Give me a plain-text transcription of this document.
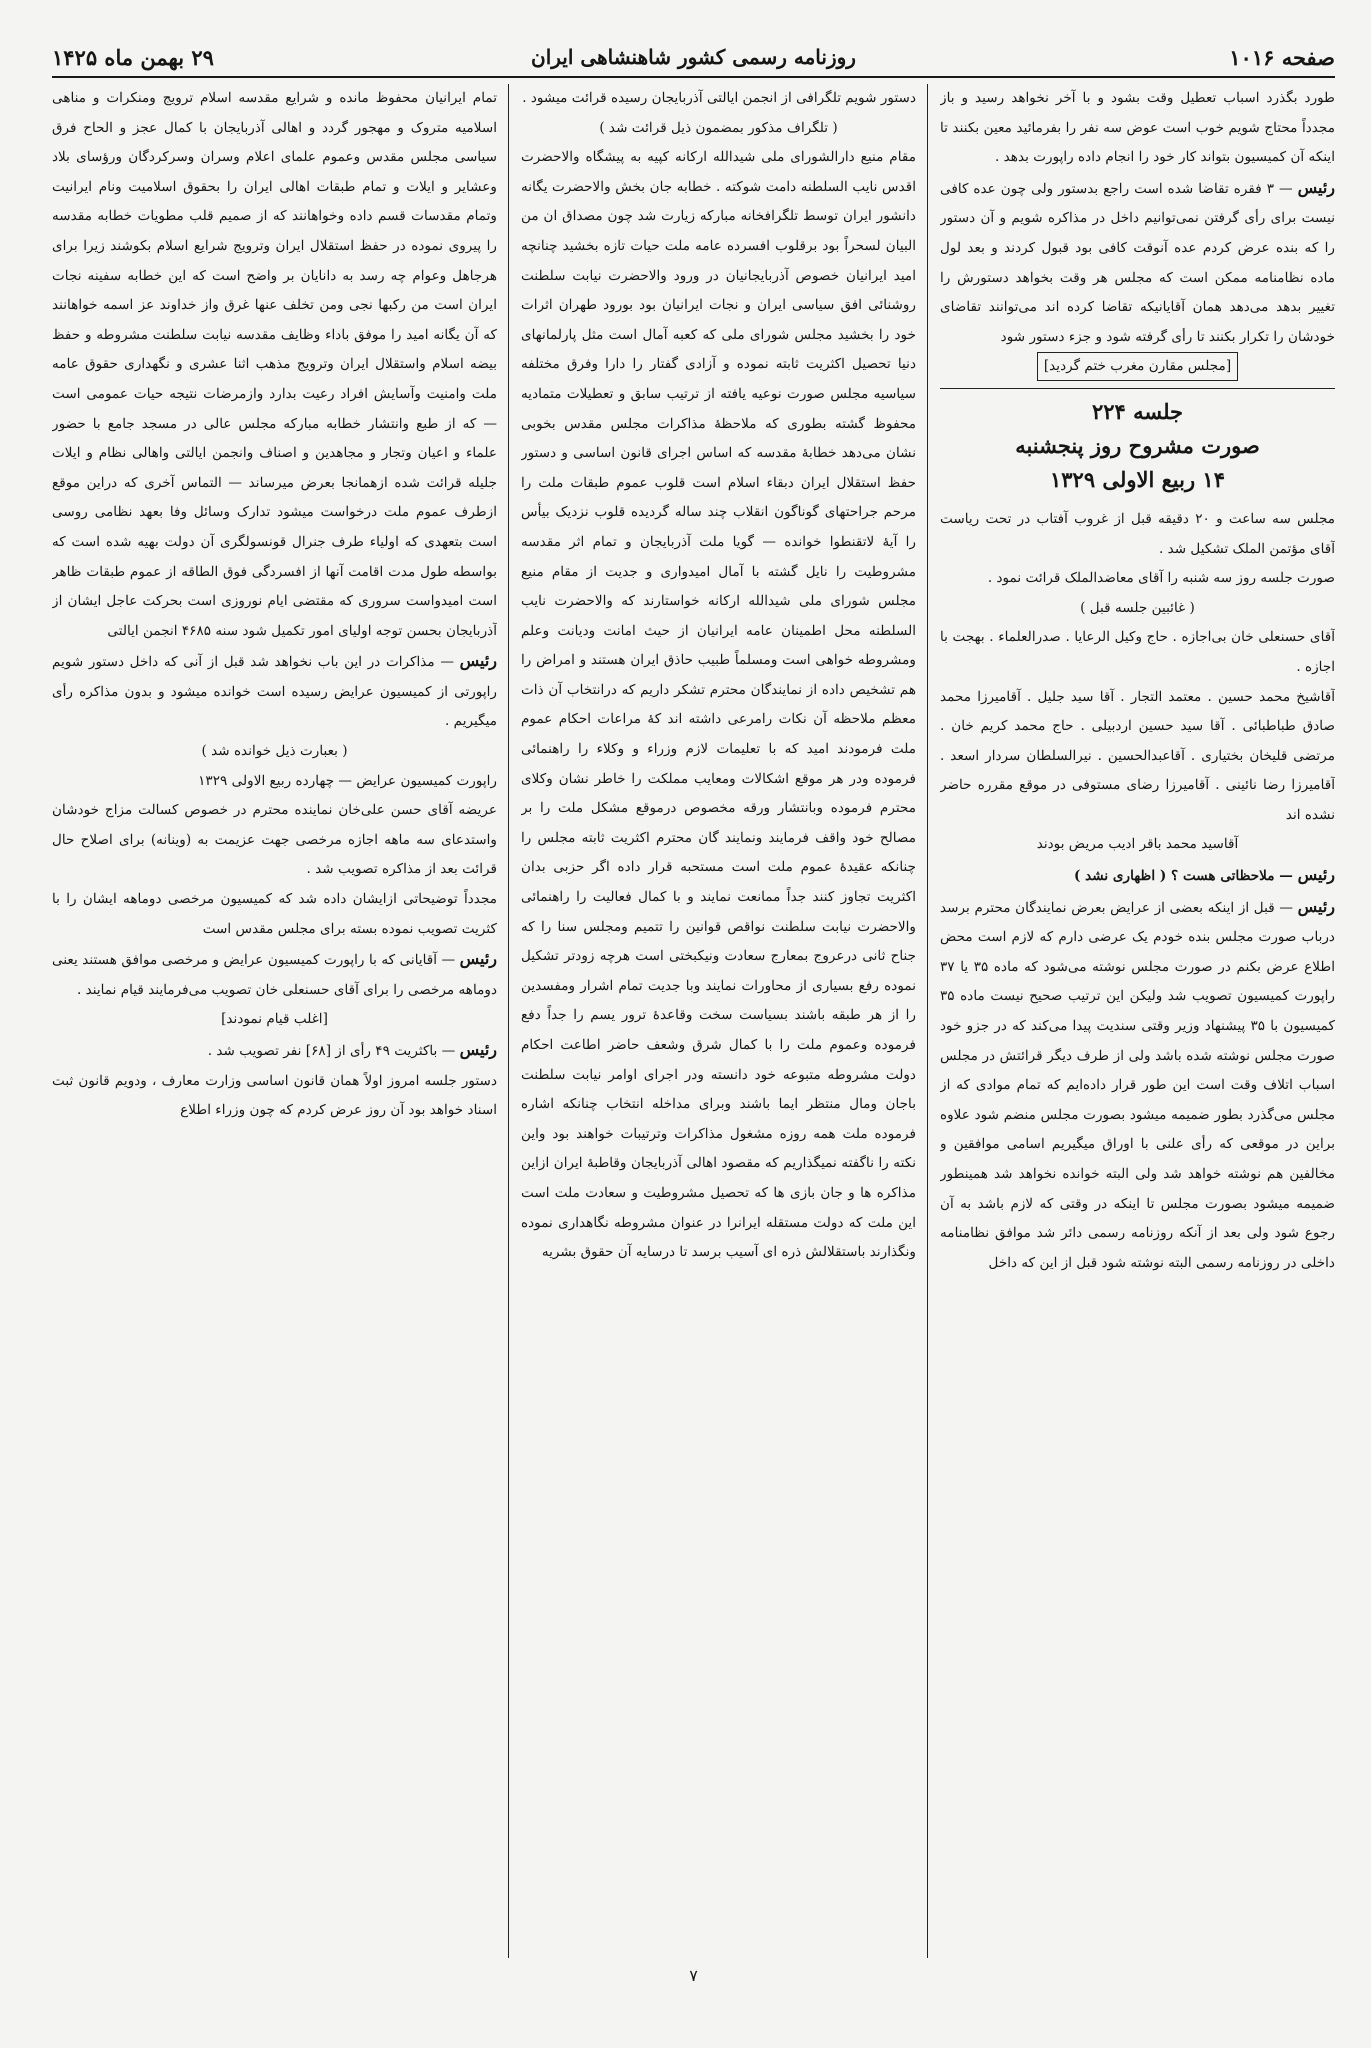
صفحه ۱۰۱۶
روزنامه رسمی کشور شاهنشاهی ایران
۲۹ بهمن ماه ۱۴۲۵

طورد بگذرد اسباب تعطیل وقت بشود و با آخر نخواهد رسید و باز مجدداً محتاج شویم خوب است عوض سه نفر را بفرمائید معین بکنند تا اینکه آن کمیسیون بتواند کار خود را انجام داده راپورت بدهد .

رئیس — ۳ فقره تقاضا شده است راجع بدستور ولی چون عده کافی نیست برای رأی گرفتن نمی‌توانیم داخل در مذاکره شویم و آن دستور را که بنده عرض کردم عده آنوقت کافی بود قبول کردند و بعد لول ماده نظامنامه ممکن است که مجلس هر وقت بخواهد دستورش را تغییر بدهد می‌دهد همان آقایانیکه تقاضا کرده اند می‌توانند تقاضای خودشان را تکرار بکنند تا رأی گرفته شود و جزء دستور شود

[مجلس مقارن مغرب ختم گردید]

جلسه ۲۲۴
صورت مشروح روز پنجشنبه
۱۴ ربیع الاولی ۱۳۲۹

مجلس سه ساعت و ۲۰ دقیقه قبل از غروب آفتاب در تحت ریاست آقای مؤتمن الملک تشکیل شد .

صورت جلسه روز سه شنبه را آقای معاضدالملک قرائت نمود .

( غائبین جلسه قبل )

آقای حسنعلی خان بی‌اجازه . حاج وکیل الرعایا . صدرالعلماء . بهجت با اجازه .

آقاشیخ محمد حسین . معتمد التجار . آقا سید جلیل . آقامیرزا محمد صادق طباطبائی . آقا سید حسین اردبیلی . حاج محمد کریم خان . مرتضی قلیخان بختیاری . آقاعبدالحسین . نیرالسلطان سردار اسعد . آقامیرزا رضا نائینی . آقامیرزا رضای مستوفی در موقع مقرره حاضر نشده اند

آقاسید محمد باقر ادیب مریض بودند

رئیس — ملاحظاتی هست ؟ ( اظهاری نشد )

رئیس — قبل از اینکه بعضی از عرایض بعرض نمایندگان محترم برسد درباب صورت مجلس بنده خودم یک عرضی دارم که لازم است محض اطلاع عرض بکنم در صورت مجلس نوشته می‌شود که ماده ۳۵ یا ۳۷ راپورت کمیسیون تصویب شد ولیکن این ترتیب صحیح نیست ماده ۳۵ کمیسیون با ۳۵ پیشنهاد وزیر وقتی سندیت پیدا می‌کند که در جزو خود صورت مجلس نوشته شده باشد ولی از طرف دیگر قرائتش در مجلس اسباب اتلاف وقت است این طور قرار داده‌ایم که تمام موادی که از مجلس می‌گذرد بطور ضمیمه میشود بصورت مجلس منضم شود علاوه براین در موقعی که رأی علنی با اوراق میگیریم اسامی موافقین و مخالفین هم نوشته خواهد شد ولی البته خوانده نخواهد شد همینطور ضمیمه میشود بصورت مجلس تا اینکه در وقتی که لازم باشد به آن رجوع شود ولی بعد از آنکه روزنامه رسمی دائر شد موافق نظامنامه داخلی در روزنامه رسمی البته نوشته شود قبل از این که داخل

دستور شویم تلگرافی از انجمن ایالتی آذربایجان رسیده قرائت میشود .

( تلگراف مذکور بمضمون ذیل قرائت شد )

مقام منیع دارالشورای ملی شیدالله ارکانه کپیه به پیشگاه والاحضرت اقدس نایب السلطنه دامت شوکته . خطابه جان بخش والاحضرت یگانه دانشور ایران توسط تلگرافخانه مبارکه زیارت شد چون مصداق ان من البیان لسحراً بود برقلوب افسرده عامه ملت حیات تازه بخشید چنانچه امید ایرانیان خصوص آذربایجانیان در ورود والاحضرت نیابت سلطنت روشنائی افق سیاسی ایران و نجات ایرانیان بود بورود طهران اثرات خود را بخشید مجلس شورای ملی که کعبه آمال است مثل پارلمانهای دنیا تحصیل اکثریت ثابته نموده و آزادی گفتار را دارا وفرق مختلفه سیاسیه مجلس صورت نوعیه یافته از ترتیب سابق و تعطیلات متمادیه محفوظ گشته بطوری که ملاحظهٔ مذاکرات مجلس مقدس بخوبی نشان می‌دهد خطابهٔ مقدسه که اساس اجرای قانون اساسی و دستور حفظ استقلال ایران دبقاء اسلام است قلوب عموم طبقات ملت را مرحم جراحتهای گوناگون انقلاب چند ساله گردیده قلوب نزدیک بیأس را آیهٔ لاتقنطوا خوانده — گویا ملت آذربایجان و تمام اثر مقدسه مشروطیت را نایل گشته با آمال امیدواری و جدیت از مقام منیع مجلس شورای ملی شیدالله ارکانه خواستارند که والاحضرت نایب السلطنه محل اطمینان عامه ایرانیان از حیث امانت ودیانت وعلم ومشروطه خواهی است ومسلماً طبیب حاذق ایران هستند و امراض را هم تشخیص داده از نمایندگان محترم تشکر داریم که درانتخاب آن ذات معظم ملاحظه آن نکات رامرعی داشته اند کهٔ مراعات احکام عموم ملت فرمودند امید که با تعلیمات لازم وزراء و وکلاء را راهنمائی فرموده ودر هر موقع اشکالات ومعایب مملکت را خاطر نشان وکلای محترم فرموده وبانتشار ورقه مخصوص درموقع مشکل ملت را بر مصالح خود واقف فرمایند ونمایند گان محترم اکثریت ثابته مجلس را چنانکه عقیدهٔ عموم ملت است مستحبه قرار داده اگر حزبی بدان اکثریت تجاوز کنند جداً ممانعت نمایند و با کمال فعالیت را راهنمائی والاحضرت نیابت سلطنت نواقص قوانین را تتمیم ومجلس سنا را که جناح ثانی درعروج بمعارج سعادت ونیکبختی است هرچه زودتر تشکیل نموده رفع بسیاری از محاورات نمایند وبا جدیت تمام اشرار ومفسدین را از هر طبقه باشند بسیاست سخت وقاعدهٔ ترور یسم را جداً دفع فرموده وعموم ملت را با کمال شرق وشعف حاضر اطاعت احکام دولت مشروطه متبوعه خود دانسته ودر اجرای اوامر نیابت سلطنت باجان ومال منتظر ایما باشند وبرای مداخله انتخاب چنانکه اشاره فرموده ملت همه روزه مشغول مذاکرات وترتیبات خواهند بود واین نکته را ناگفته نمیگذاریم که مقصود اهالی آذربایجان وقاطبهٔ ایران ازاین مذاکره ها و جان بازی ها که تحصیل مشروطیت و سعادت ملت است این ملت که دولت مستقله ایرانرا در عنوان مشروطه نگاهداری نموده ونگذارند باستقلالش ذره ای آسیب برسد تا درسایه آن حقوق بشریه

تمام ایرانیان محفوظ مانده و شرایع مقدسه اسلام ترویج ومنکرات و مناهی اسلامیه متروک و مهجور گردد و اهالی آذربایجان با کمال عجز و الحاح فرق سیاسی مجلس مقدس وعموم علمای اعلام وسران وسرکردگان ورؤسای بلاد وعشایر و ایلات و تمام طبقات اهالی ایران را بحقوق اسلامیت ونام ایرانیت وتمام مقدسات قسم داده وخواهانند که از صمیم قلب مطویات خطابه مقدسه را پیروی نموده در حفظ استقلال ایران وترویج شرایع اسلام بکوشند زیرا برای هرجاهل وعوام چه رسد به دانایان بر واضح است که این خطابه سفینه نجات ایران است من رکبها نجی ومن تخلف عنها غرق واز خداوند عز اسمه خواهانند که آن یگانه امید را موفق باداء وظایف مقدسه نیابت سلطنت مشروطه و حفظ بیضه اسلام واستقلال ایران وترویج مذهب اثنا عشری و نگهداری حقوق عامه ملت وامنیت وآسایش افراد رعیت بدارد وازمرضات نتیجه حیات عمومی است — که از طبع وانتشار خطابه مبارکه مجلس عالی در مسجد جامع با حضور علماء و اعیان وتجار و مجاهدین و اصناف وانجمن ایالتی واهالی نظام و ایلات جلیله قرائت شده ازهمانجا بعرض میرساند — التماس آخری که دراین موقع ازطرف عموم ملت درخواست میشود تدارک وسائل وفا بعهد نظامی روسی است بتعهدی که اولیاء طرف جنرال قونسولگری آن دولت بهیه شده است که بواسطه طول مدت اقامت آنها از افسردگی فوق الطاقه از عموم طبقات ظاهر است امیدواست سروری که مقتضی ایام نوروزی است بحرکت عاجل ایشان از آذربایجان بحسن توجه اولیای امور تکمیل شود سنه ۴۶۸۵ انجمن ایالتی

رئیس — مذاکرات در این باب نخواهد شد قبل از آنی که داخل دستور شویم راپورتی از کمیسیون عرایض رسیده است خوانده میشود و بدون مذاکره رأی میگیریم .

( بعبارت ذیل خوانده شد )

راپورت کمیسیون عرایض — چهارده ربیع الاولی ۱۳۲۹

عریضه آقای حسن علی‌خان نماینده محترم در خصوص کسالت مزاج خودشان واستدعای سه ماهه اجازه مرخصی جهت عزیمت به (وینانه) برای اصلاح حال قرائت بعد از مذاکره تصویب شد .

مجدداً توضیحاتی ازایشان داده شد که کمیسیون مرخصی دوماهه ایشان را با کثریت تصویب نموده بسته برای مجلس مقدس است

رئیس — آقایانی که با راپورت کمیسیون عرایض و مرخصی موافق هستند یعنی دوماهه مرخصی را برای آقای حسنعلی خان تصویب می‌فرمایند قیام نمایند .

[اغلب قیام نمودند]

رئیس — باکثریت ۴۹ رأی از [۶۸] نفر تصویب شد .

دستور جلسه امروز اولاً همان قانون اساسی وزارت معارف ، ودویم قانون ثبت اسناد خواهد بود آن روز عرض کردم که چون وزراء اطلاع

۷
